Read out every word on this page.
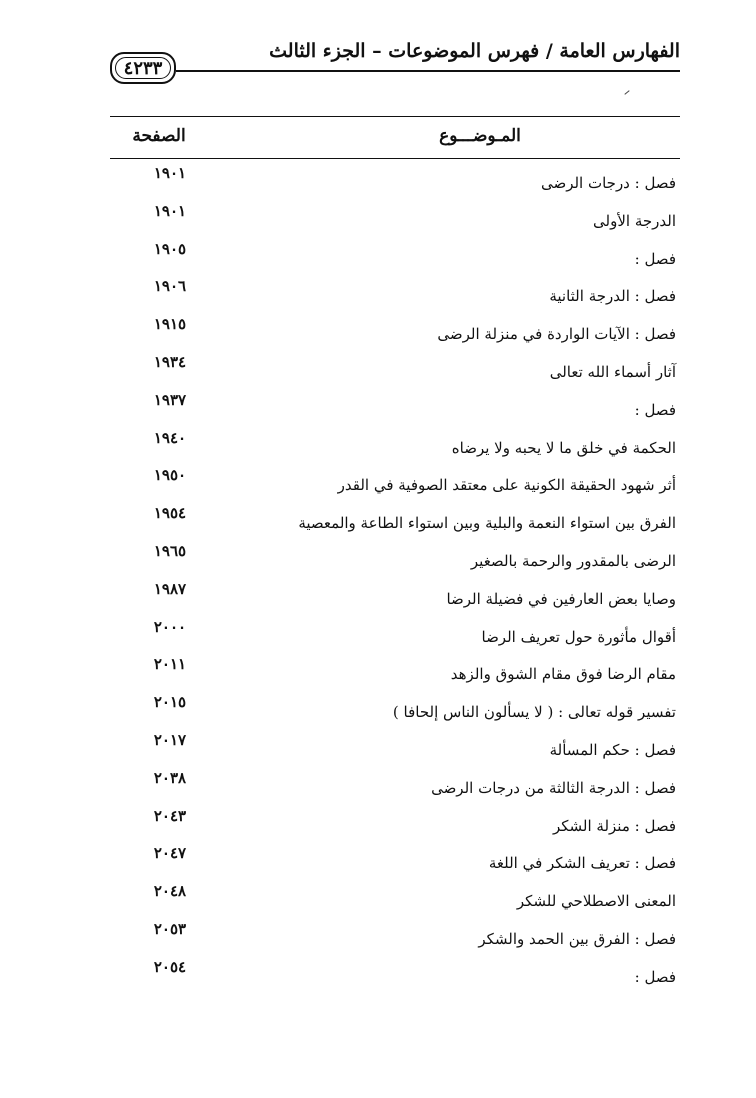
الفهارس العامة / فهرس الموضوعات – الجزء الثالث
٤٢٣٣
المـوضـــوع
الصفحة
فصل : درجات الرضى
١٩٠١
الدرجة الأولى
١٩٠١
فصل :
١٩٠٥
فصل : الدرجة الثانية
١٩٠٦
فصل : الآيات الواردة في منزلة الرضى
١٩١٥
آثار أسماء الله تعالى
١٩٣٤
فصل :
١٩٣٧
الحكمة في خلق ما لا يحبه ولا يرضاه
١٩٤٠
أثر شهود الحقيقة الكونية على معتقد الصوفية في القدر
١٩٥٠
الفرق بين استواء النعمة والبلية وبين استواء الطاعة والمعصية
١٩٥٤
الرضى بالمقدور والرحمة بالصغير
١٩٦٥
وصايا بعض العارفين في فضيلة الرضا
١٩٨٧
أقوال مأثورة حول تعريف الرضا
٢٠٠٠
مقام الرضا فوق مقام الشوق والزهد
٢٠١١
تفسير قوله تعالى : ( لا يسألون الناس إلحافا )
٢٠١٥
فصل : حكم المسألة
٢٠١٧
فصل : الدرجة الثالثة من درجات الرضى
٢٠٣٨
فصل : منزلة الشكر
٢٠٤٣
فصل : تعريف الشكر في اللغة
٢٠٤٧
المعنى الاصطلاحي للشكر
٢٠٤٨
فصل : الفرق بين الحمد والشكر
٢٠٥٣
فصل :
٢٠٥٤
